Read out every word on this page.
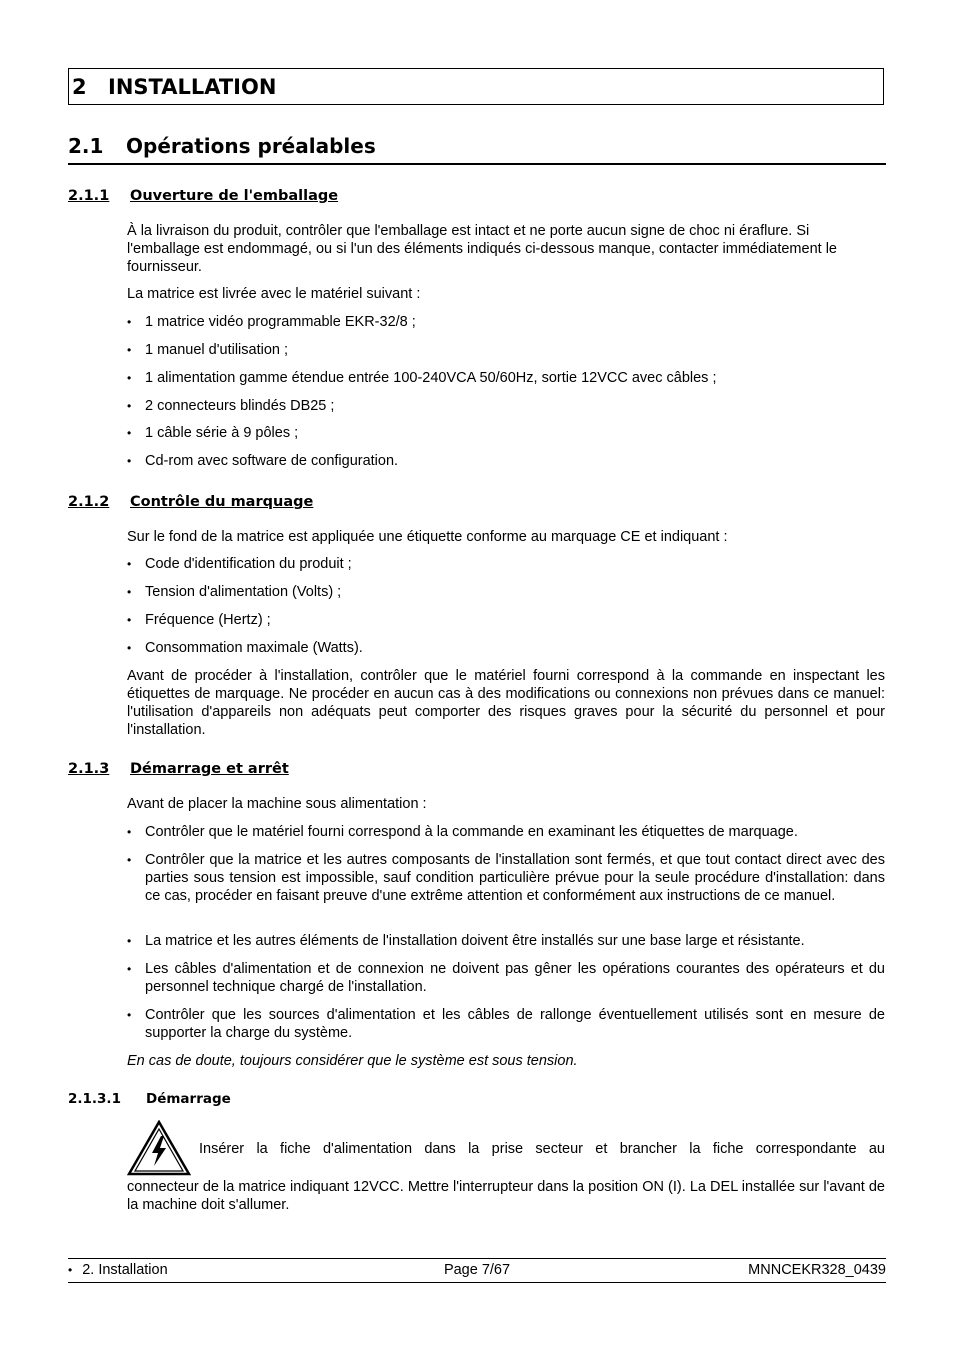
2 INSTALLATION
2.1 Opérations préalables
2.1.1 Ouverture de l'emballage

À la livraison du produit, contrôler que l'emballage est intact et ne porte aucun signe de choc ni éraflure. Si l'emballage est endommagé, ou si l'un des éléments indiqués ci-dessous manque, contacter immédiatement le fournisseur.

La matrice est livrée avec le matériel suivant :

• 1 matrice vidéo programmable EKR-32/8 ;
• 1 manuel d'utilisation ;
• 1 alimentation gamme étendue entrée 100-240VCA 50/60Hz, sortie 12VCC avec câbles ;
• 2 connecteurs blindés DB25 ;
• 1 câble série à 9 pôles ;
• Cd-rom avec software de configuration.
2.1.2 Contrôle du marquage

Sur le fond de la matrice est appliquée une étiquette conforme au marquage CE et indiquant :

• Code d'identification du produit ;
• Tension d'alimentation (Volts) ;
• Fréquence (Hertz) ;
• Consommation maximale (Watts).

Avant de procéder à l'installation, contrôler que le matériel fourni correspond à la commande en inspectant les étiquettes de marquage. Ne procéder en aucun cas à des modifications ou connexions non prévues dans ce manuel: l'utilisation d'appareils non adéquats peut comporter des risques graves pour la sécurité du personnel et pour l'installation.

2.1.3 Démarrage et arrêt

Avant de placer la machine sous alimentation :

• Contrôler que le matériel fourni correspond à la commande en examinant les étiquettes de marquage.
• Contrôler que la matrice et les autres composants de l'installation sont fermés, et que tout contact direct avec des parties sous tension est impossible, sauf condition particulière prévue pour la seule procédure d'installation: dans ce cas, procéder en faisant preuve d'une extrême attention et conformément aux instructions de ce manuel.
• La matrice et les autres éléments de l'installation doivent être installés sur une base large et résistante.
• Les câbles d'alimentation et de connexion ne doivent pas gêner les opérations courantes des opérateurs et du personnel technique chargé de l'installation.
• Contrôler que les sources d'alimentation et les câbles de rallonge éventuellement utilisés sont en mesure de supporter la charge du système.

En cas de doute, toujours considérer que le système est sous tension.

2.1.3.1 Démarrage

Insérer la fiche d'alimentation dans la prise secteur et brancher la fiche correspondante au

connecteur de la matrice indiquant 12VCC. Mettre l'interrupteur dans la position ON (I). La DEL installée sur l'avant de la machine doit s'allumer.

• 2. Installation	Page 7/67	MNNCEKR328_0439
